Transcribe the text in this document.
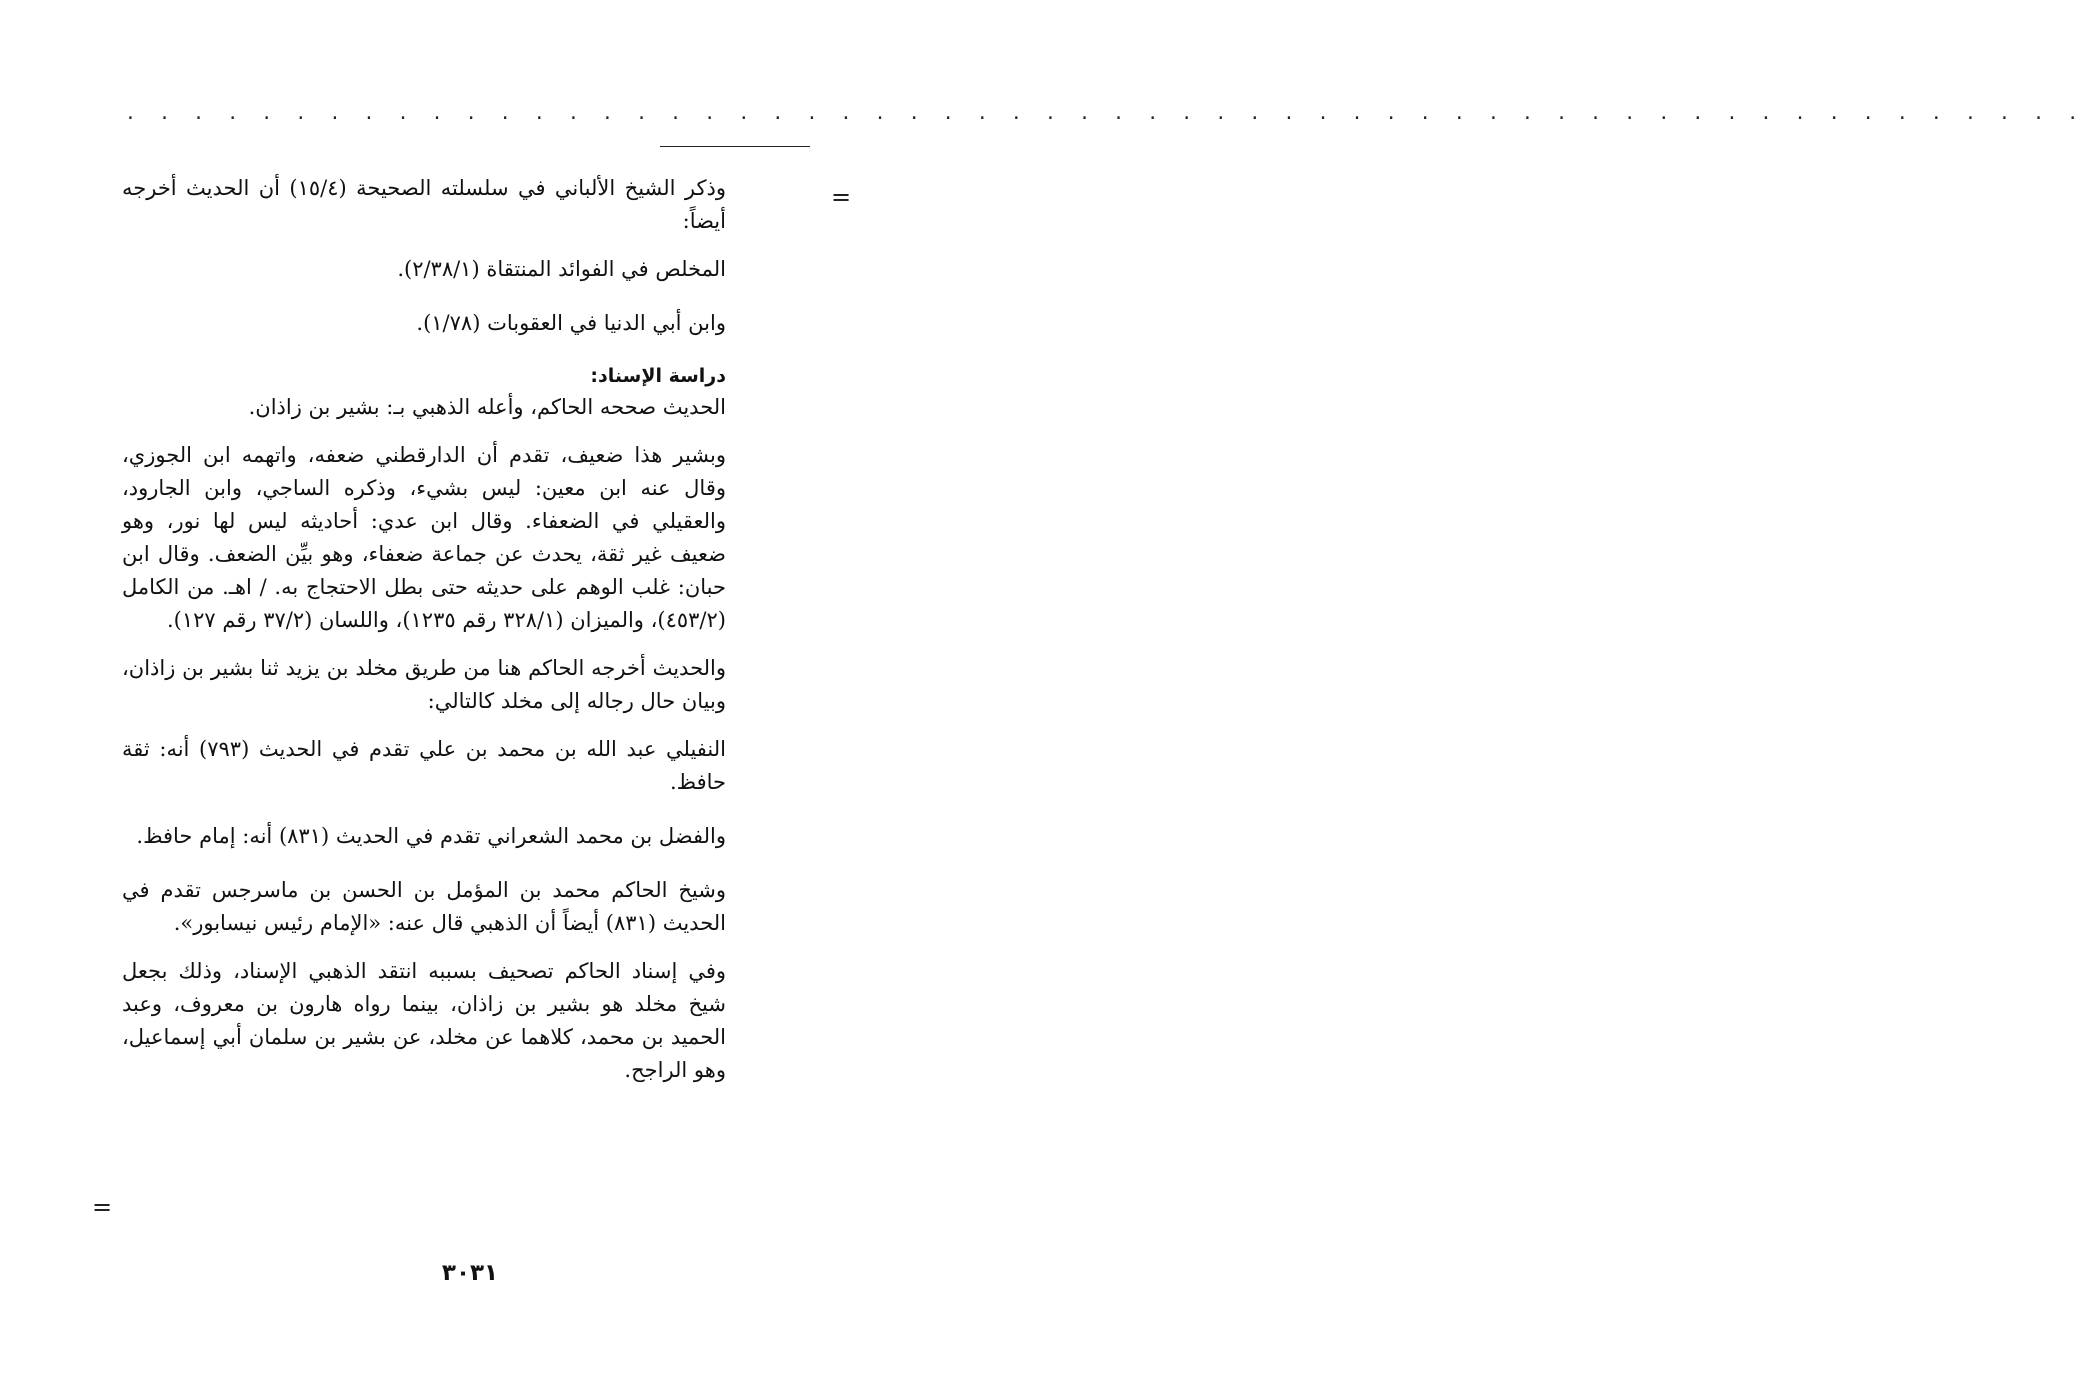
. . . . . . . . . . . . . . . . . . . . . . . . . . . . . . . . . . . . . . . . . . . . . . . . . . . . . . . . . .
=

وذكر الشيخ الألباني في سلسلته الصحيحة (١٥/٤) أن الحديث أخرجه أيضاً:

المخلص في الفوائد المنتقاة (٢/٣٨/١).

وابن أبي الدنيا في العقوبات (١/٧٨).

دراسة الإسناد:

الحديث صححه الحاكم، وأعله الذهبي بـ: بشير بن زاذان.

وبشير هذا ضعيف، تقدم أن الدارقطني ضعفه، واتهمه ابن الجوزي، وقال عنه ابن معين: ليس بشيء، وذكره الساجي، وابن الجارود، والعقيلي في الضعفاء. وقال ابن عدي: أحاديثه ليس لها نور، وهو ضعيف غير ثقة، يحدث عن جماعة ضعفاء، وهو بيِّن الضعف. وقال ابن حبان: غلب الوهم على حديثه حتى بطل الاحتجاج به. / اهـ. من الكامل (٤٥٣/٢)، والميزان (٣٢٨/١ رقم ١٢٣٥)، واللسان (٣٧/٢ رقم ١٢٧).

والحديث أخرجه الحاكم هنا من طريق مخلد بن يزيد ثنا بشير بن زاذان، وبيان حال رجاله إلى مخلد كالتالي:

النفيلي عبد الله بن محمد بن علي تقدم في الحديث (٧٩٣) أنه: ثقة حافظ.

والفضل بن محمد الشعراني تقدم في الحديث (٨٣١) أنه: إمام حافظ.

وشيخ الحاكم محمد بن المؤمل بن الحسن بن ماسرجس تقدم في الحديث (٨٣١) أيضاً أن الذهبي قال عنه: «الإمام رئيس نيسابور».

وفي إسناد الحاكم تصحيف بسببه انتقد الذهبي الإسناد، وذلك بجعل شيخ مخلد هو بشير بن زاذان، بينما رواه هارون بن معروف، وعبد الحميد بن محمد، كلاهما عن مخلد، عن بشير بن سلمان أبي إسماعيل، وهو الراجح.

=
٣٠٣١
